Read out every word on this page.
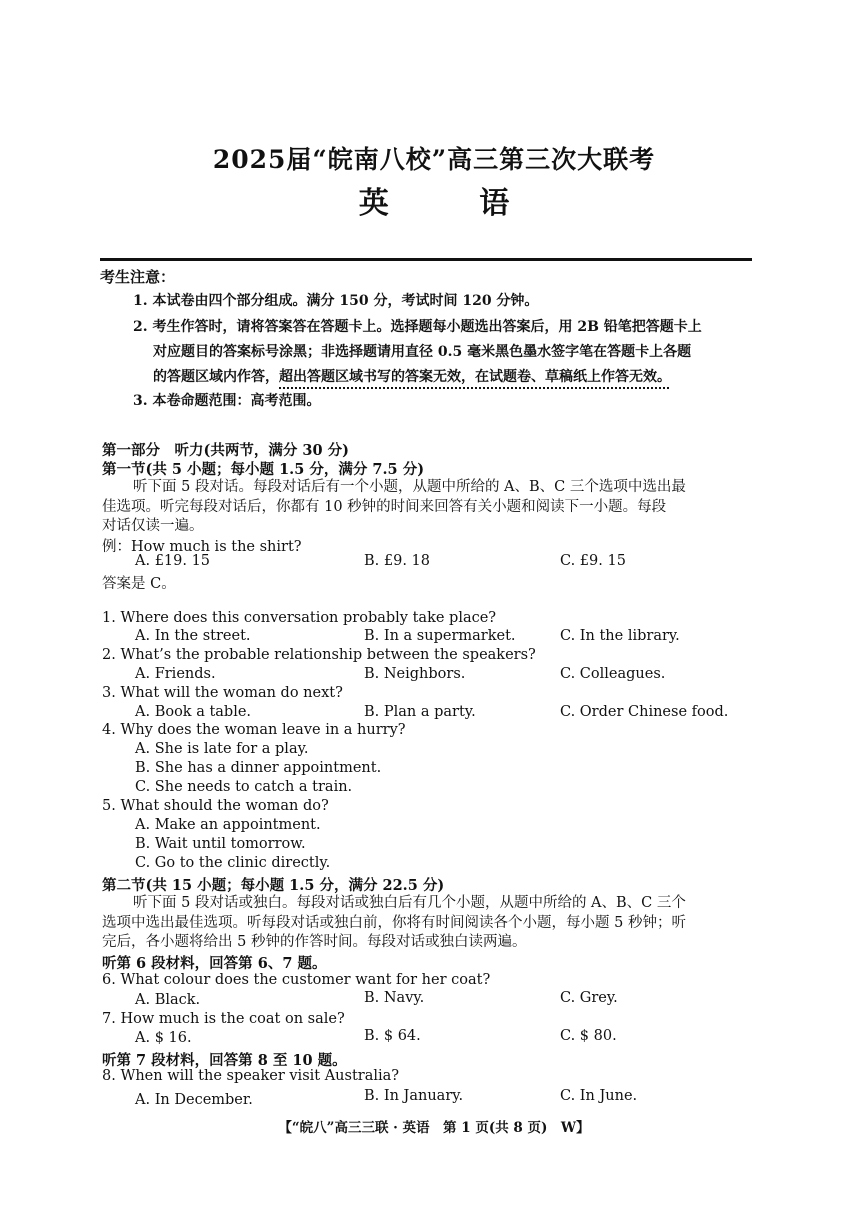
2025届“皖南八校”高三第三次大联考
英 语
考生注意：
1. 本试卷由四个部分组成。满分 150 分，考试时间 120 分钟。
2. 考生作答时，请将答案答在答题卡上。选择题每小题选出答案后，用 2B 铅笔把答题卡上
对应题目的答案标号涂黑；非选择题请用直径 0.5 毫米黑色墨水签字笔在答题卡上各题
的答题区域内作答，超出答题区域书写的答案无效，在试题卷、草稿纸上作答无效。
3. 本卷命题范围：高考范围。
第一部分　听力(共两节，满分 30 分)
第一节(共 5 小题；每小题 1.5 分，满分 7.5 分)
听下面 5 段对话。每段对话后有一个小题，从题中所给的 A、B、C 三个选项中选出最
佳选项。听完每段对话后，你都有 10 秒钟的时间来回答有关小题和阅读下一小题。每段
对话仅读一遍。
例：How much is the shirt?
A. £19. 15	B. £9. 18	C. £9. 15
答案是 C。
1. Where does this conversation probably take place?
A. In the street.	B. In a supermarket.	C. In the library.
2. What’s the probable relationship between the speakers?
A. Friends.	B. Neighbors.	C. Colleagues.
3. What will the woman do next?
A. Book a table.	B. Plan a party.	C. Order Chinese food.
4. Why does the woman leave in a hurry?
A. She is late for a play.
B. She has a dinner appointment.
C. She needs to catch a train.
5. What should the woman do?
A. Make an appointment.
B. Wait until tomorrow.
C. Go to the clinic directly.
第二节(共 15 小题；每小题 1.5 分，满分 22.5 分)
听下面 5 段对话或独白。每段对话或独白后有几个小题，从题中所给的 A、B、C 三个
选项中选出最佳选项。听每段对话或独白前，你将有时间阅读各个小题，每小题 5 秒钟；听
完后，各小题将给出 5 秒钟的作答时间。每段对话或独白读两遍。
听第 6 段材料，回答第 6、7 题。
6. What colour does the customer want for her coat?
A. Black.	B. Navy.	C. Grey.
7. How much is the coat on sale?
A. $ 16.	B. $ 64.	C. $ 80.
听第 7 段材料，回答第 8 至 10 题。
8. When will the speaker visit Australia?
A. In December.	B. In January.	C. In June.
【“皖八”高三三联 · 英语　第 1 页(共 8 页)　W】
